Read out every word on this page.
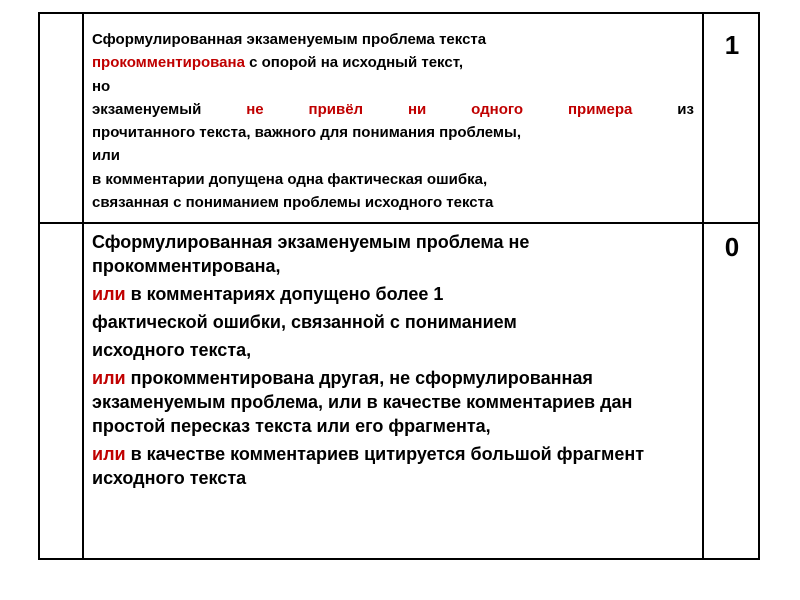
Сформулированная экзаменуемым проблема текста
прокомментирована с опорой на исходный текст,
но
экзаменуемый не привёл ни одного примера из
прочитанного текста, важного для понимания проблемы,
или
в комментарии допущена одна фактическая ошибка,
связанная с пониманием проблемы исходного текста
1
Сформулированная экзаменуемым проблема не прокомментирована,
или в комментариях допущено более 1
фактической ошибки, связанной с пониманием
исходного текста,
или прокомментирована другая, не сформулированная экзаменуемым проблема, или в качестве комментариев дан простой пересказ текста или его фрагмента,
или в качестве комментариев цитируется большой фрагмент исходного текста
0
